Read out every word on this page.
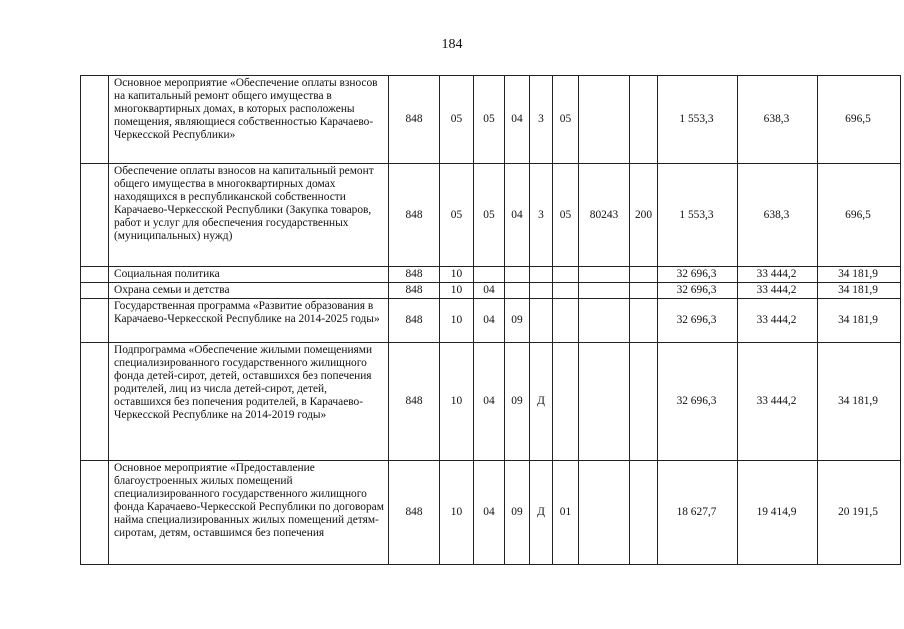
184
	Основное мероприятие «Обеспечение оплаты взносов на капитальный ремонт общего имущества в многоквартирных домах, в которых расположены помещения, являющиеся собственностью Карачаево-Черкесской Республики»	848	05	05	04	3	05			1 553,3	638,3	696,5
	Обеспечение оплаты взносов на капитальный ремонт общего имущества в многоквартирных домах находящихся в республиканской собственности Карачаево-Черкесской Республики (Закупка товаров, работ и услуг для обеспечения государственных (муниципальных) нужд)	848	05	05	04	3	05	80243	200	1 553,3	638,3	696,5
	Социальная политика	848	10							32 696,3	33 444,2	34 181,9
	Охрана семьи и детства	848	10	04						32 696,3	33 444,2	34 181,9
	Государственная программа «Развитие образования в Карачаево-Черкесской Республике на 2014-2025 годы»	848	10	04	09					32 696,3	33 444,2	34 181,9
	Подпрограмма «Обеспечение жилыми помещениями специализированного государственного жилищного фонда детей-сирот, детей, оставшихся без попечения родителей, лиц из числа детей-сирот, детей, оставшихся без попечения родителей, в Карачаево-Черкесской Республике на 2014-2019 годы»	848	10	04	09	Д				32 696,3	33 444,2	34 181,9
	Основное мероприятие «Предоставление благоустроенных жилых помещений специализированного государственного жилищного фонда Карачаево-Черкесской Республики по договорам найма специализированных жилых помещений детям-сиротам, детям, оставшимся без попечения	848	10	04	09	Д	01			18 627,7	19 414,9	20 191,5
